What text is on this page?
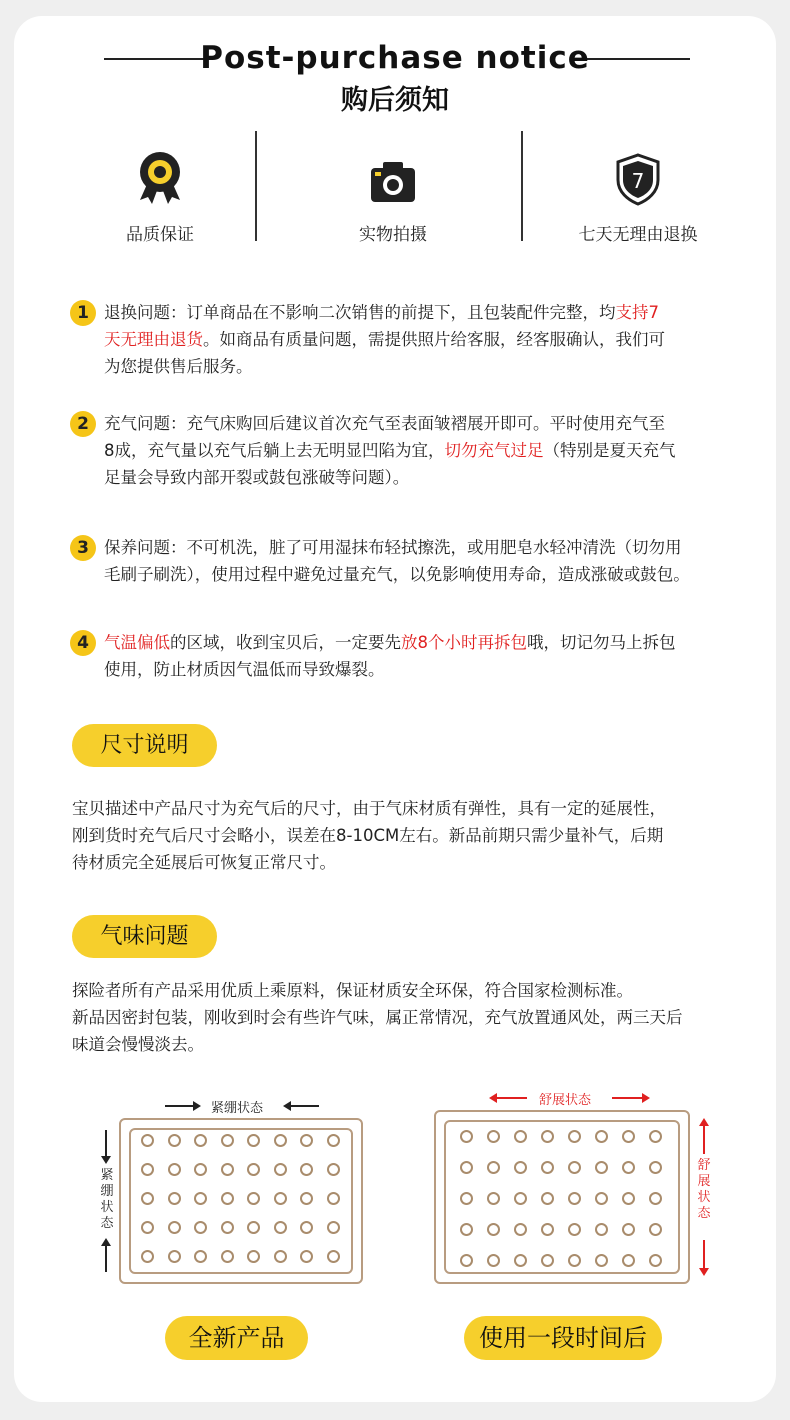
Post-purchase notice
购后须知
品质保证	实物拍摄
7
七天无理由退换
1 退换问题：订单商品在不影响二次销售的前提下，且包装配件完整，均支持7
天无理由退货。如商品有质量问题，需提供照片给客服，经客服确认，我们可
为您提供售后服务。
2 充气问题：充气床购回后建议首次充气至表面皱褶展开即可。平时使用充气至
8成，充气量以充气后躺上去无明显凹陷为宜，切勿充气过足（特别是夏天充气
足量会导致内部开裂或鼓包涨破等问题）。
3 保养问题：不可机洗，脏了可用湿抹布轻拭擦洗，或用肥皂水轻冲清洗（切勿用
毛刷子刷洗），使用过程中避免过量充气，以免影响使用寿命，造成涨破或鼓包。
4 气温偏低的区域，收到宝贝后，一定要先放8个小时再拆包哦，切记勿马上拆包
使用，防止材质因气温低而导致爆裂。
尺寸说明
宝贝描述中产品尺寸为充气后的尺寸，由于气床材质有弹性，具有一定的延展性，
刚到货时充气后尺寸会略小，误差在8-10CM左右。新品前期只需少量补气，后期
待材质完全延展后可恢复正常尺寸。
气味问题
探险者所有产品采用优质上乘原料，保证材质安全环保，符合国家检测标准。
新品因密封包装，刚收到时会有些许气味，属正常情况，充气放置通风处，两三天后
味道会慢慢淡去。
紧绷状态
紧
绷
状
态
全新产品
舒展状态
舒
展
状
态
使用一段时间后
